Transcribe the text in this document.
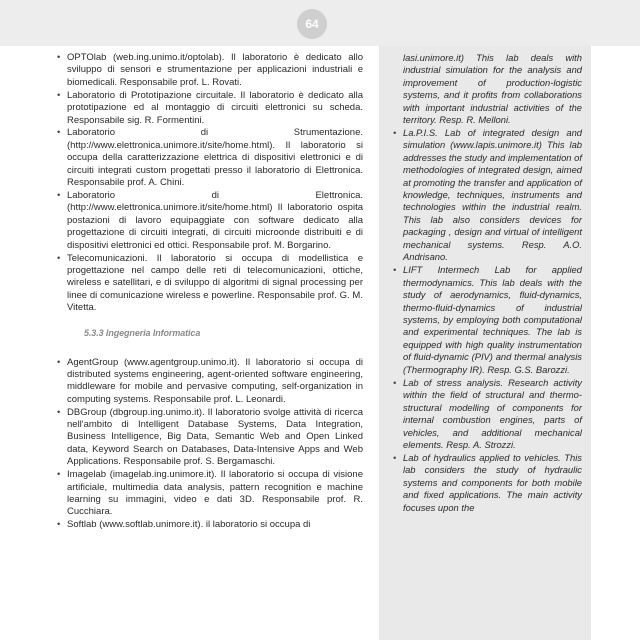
64
• OPTOlab (web.ing.unimo.it/optolab). Il laboratorio è dedicato allo sviluppo di sensori e strumentazione per applicazioni industriali e biomedicali. Responsabile prof. L. Rovati.
• Laboratorio di Prototipazione circuitale. Il laboratorio è dedicato alla prototipazione ed al montaggio di circuiti elettronici su scheda. Responsabile sig. R. Formentini.
• Laboratorio di Strumentazione. (http://www.elettronica.unimore.it/site/home.html). Il laboratorio si occupa della caratterizzazione elettrica di dispositivi elettronici e di circuiti integrati custom progettati presso il laboratorio di Elettronica. Responsabile prof. A. Chini.
• Laboratorio di Elettronica. (http://www.elettronica.unimore.it/site/home.html) Il laboratorio ospita postazioni di lavoro equipaggiate con software dedicato alla progettazione di circuiti integrati, di circuiti microonde distribuiti e di dispositivi elettronici ed ottici. Responsabile prof. M. Borgarino.
• Telecomunicazioni. Il laboratorio si occupa di modellistica e progettazione nel campo delle reti di telecomunicazioni, ottiche, wireless e satellitari, e di sviluppo di algoritmi di signal processing per linee di comunicazione wireless e powerline. Responsabile prof. G. M. Vitetta.
5.3.3 Ingegneria Informatica
• AgentGroup (www.agentgroup.unimo.it). Il laboratorio si occupa di distributed systems engineering, agent-oriented software engineering, middleware for mobile and pervasive computing, self-organization in computing systems. Responsabile prof. L. Leonardi.
• DBGroup (dbgroup.ing.unimo.it). Il laboratorio svolge attività di ricerca nell'ambito di Intelligent Database Systems, Data Integration, Business Intelligence, Big Data, Semantic Web and Open Linked data, Keyword Search on Databases, Data-Intensive Apps and Web Applications. Responsabile prof. S. Bergamaschi.
• Imagelab (imagelab.ing.unimore.it). Il laboratorio si occupa di visione artificiale, multimedia data analysis, pattern recognition e machine learning su immagini, video e dati 3D. Responsabile prof. R. Cucchiara.
• Softlab (www.softlab.unimore.it). il laboratorio si occupa di
lasi.unimore.it) This lab deals with industrial simulation for the analysis and improvement of production-logistic systems, and it profits from collaborations with important industrial activities of the territory. Resp. R. Melloni.
• La.P.I.S. Lab of integrated design and simulation (www.lapis.unimore.it) This lab addresses the study and implementation of methodologies of integrated design, aimed at promoting the transfer and application of knowledge, techniques, instruments and technologies within the industrial realm. This lab also considers devices for packaging , design and virtual of intelligent mechanical systems. Resp. A.O. Andrisano.
• LIFT Intermech Lab for applied thermodynamics. This lab deals with the study of aerodynamics, fluid-dynamics, thermo-fluid-dynamics of industrial systems, by employing both computational and experimental techniques. The lab is equipped with high quality instrumentation of fluid-dynamic (PIV) and thermal analysis (Thermography IR). Resp. G.S. Barozzi.
• Lab of stress analysis. Research activity within the field of structural and thermo-structural modelling of components for internal combustion engines, parts of vehicles, and additional mechanical elements. Resp. A. Strozzi.
• Lab of hydraulics applied to vehicles. This lab considers the study of hydraulic systems and components for both mobile and fixed applications. The main activity focuses upon the
